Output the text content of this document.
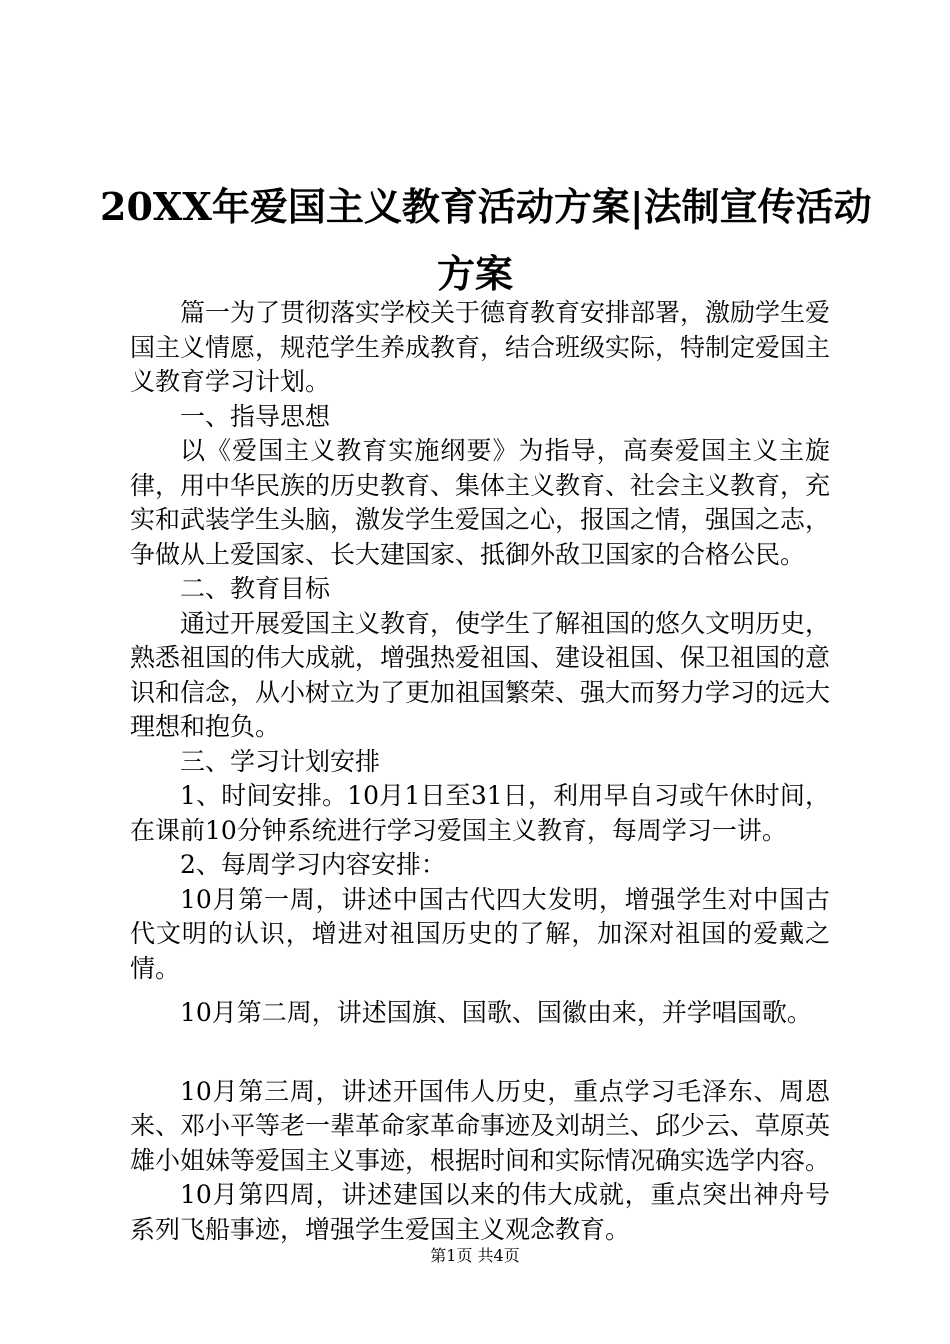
20XX年爱国主义教育活动方案|法制宣传活动
方案

篇一为了贯彻落实学校关于德育教育安排部署，激励学生爱国主义情愿，规范学生养成教育，结合班级实际，特制定爱国主义教育学习计划。

一、指导思想

以《爱国主义教育实施纲要》为指导，高奏爱国主义主旋律，用中华民族的历史教育、集体主义教育、社会主义教育，充实和武装学生头脑，激发学生爱国之心，报国之情，强国之志，争做从上爱国家、长大建国家、抵御外敌卫国家的合格公民。

二、教育目标

通过开展爱国主义教育，使学生了解祖国的悠久文明历史，熟悉祖国的伟大成就，增强热爱祖国、建设祖国、保卫祖国的意识和信念，从小树立为了更加祖国繁荣、强大而努力学习的远大理想和抱负。

三、学习计划安排

1、时间安排。10月1日至31日，利用早自习或午休时间，在课前10分钟系统进行学习爱国主义教育，每周学习一讲。

2、每周学习内容安排：

10月第一周，讲述中国古代四大发明，增强学生对中国古代文明的认识，增进对祖国历史的了解，加深对祖国的爱戴之情。

10月第二周，讲述国旗、国歌、国徽由来，并学唱国歌。

10月第三周，讲述开国伟人历史，重点学习毛泽东、周恩来、邓小平等老一辈革命家革命事迹及刘胡兰、邱少云、草原英雄小姐妹等爱国主义事迹，根据时间和实际情况确实选学内容。

10月第四周，讲述建国以来的伟大成就，重点突出神舟号系列飞船事迹，增强学生爱国主义观念教育。

第1页 共4页
